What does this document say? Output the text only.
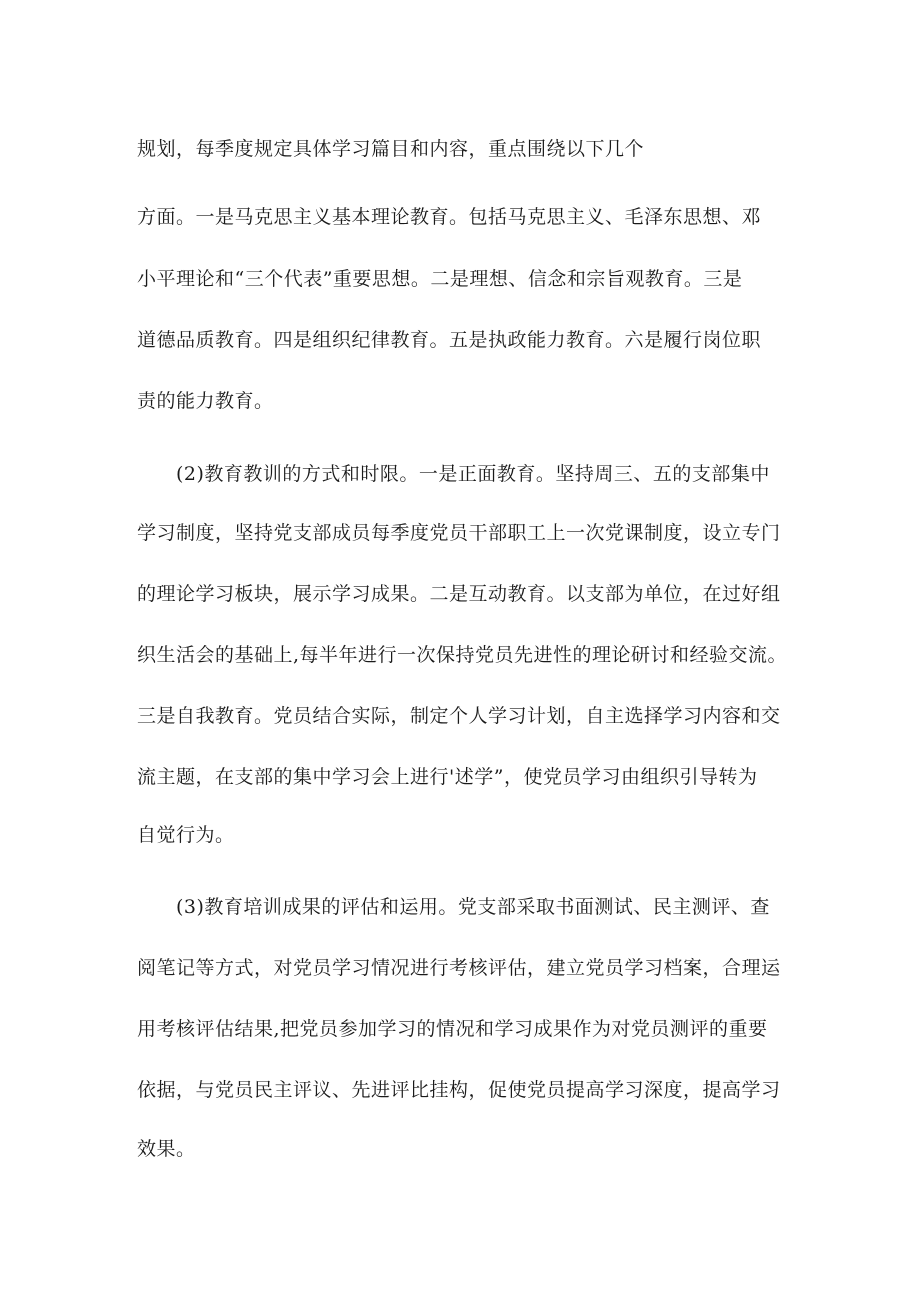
规划，每季度规定具体学习篇目和内容，重点围绕以下几个
方面。一是马克思主义基本理论教育。包括马克思主义、毛泽东思想、邓
小平理论和“三个代表”重要思想。二是理想、信念和宗旨观教育。三是
道德品质教育。四是组织纪律教育。五是执政能力教育。六是履行岗位职
责的能力教育。
(2)教育教训的方式和时限。一是正面教育。坚持周三、五的支部集中
学习制度，坚持党支部成员每季度党员干部职工上一次党课制度，设立专门
的理论学习板块，展示学习成果。二是互动教育。以支部为单位，在过好组
织生活会的基础上,每半年进行一次保持党员先进性的理论研讨和经验交流。
三是自我教育。党员结合实际，制定个人学习计划，自主选择学习内容和交
流主题，在支部的集中学习会上进行'述学”，使党员学习由组织引导转为
自觉行为。
(3)教育培训成果的评估和运用。党支部采取书面测试、民主测评、查
阅笔记等方式，对党员学习情况进行考核评估，建立党员学习档案，合理运
用考核评估结果,把党员参加学习的情况和学习成果作为对党员测评的重要
依据，与党员民主评议、先进评比挂构，促使党员提高学习深度，提高学习
效果。
